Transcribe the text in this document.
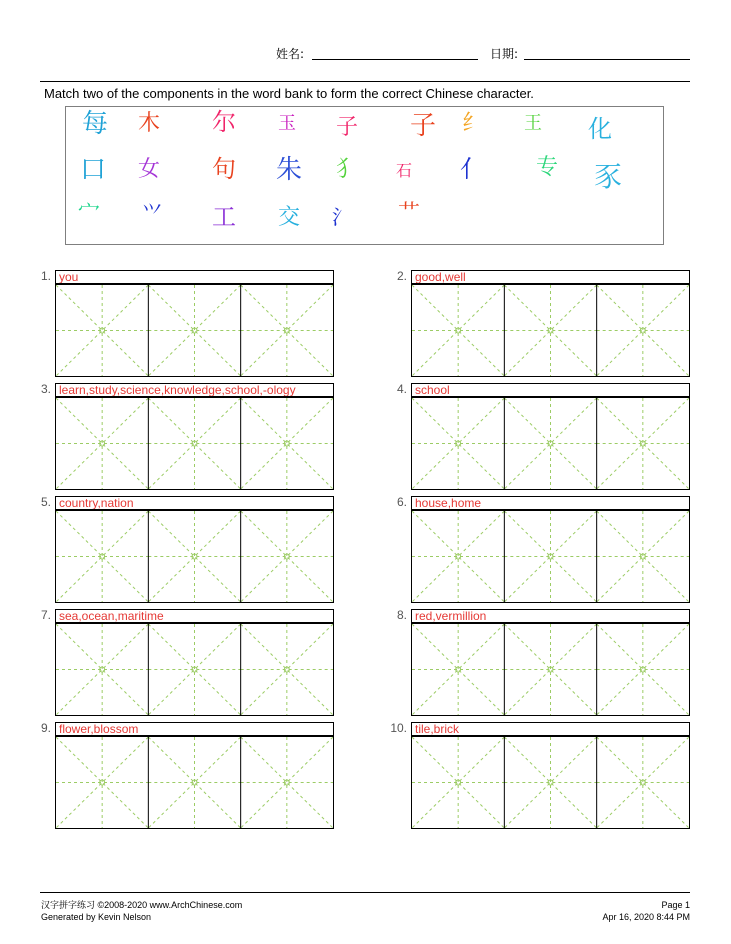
姓名:	日期:
Match two of the components in the word bank to form the correct Chinese character.
每 木 尔 玉 子 子 纟 王 化
口 女 句 朱 犭 石 亻 专 豕
宀 ⺍ 工 交 氵 艹
1. you	2. good,well
3. learn,study,science,knowledge,school,-ology	4. school
5. country,nation	6. house,home
7. sea,ocean,maritime	8. red,vermillion
9. flower,blossom	10. tile,brick
汉字拼字练习 ©2008-2020 www.ArchChinese.com
Generated by Kevin Nelson
Page 1
Apr 16, 2020 8:44 PM
